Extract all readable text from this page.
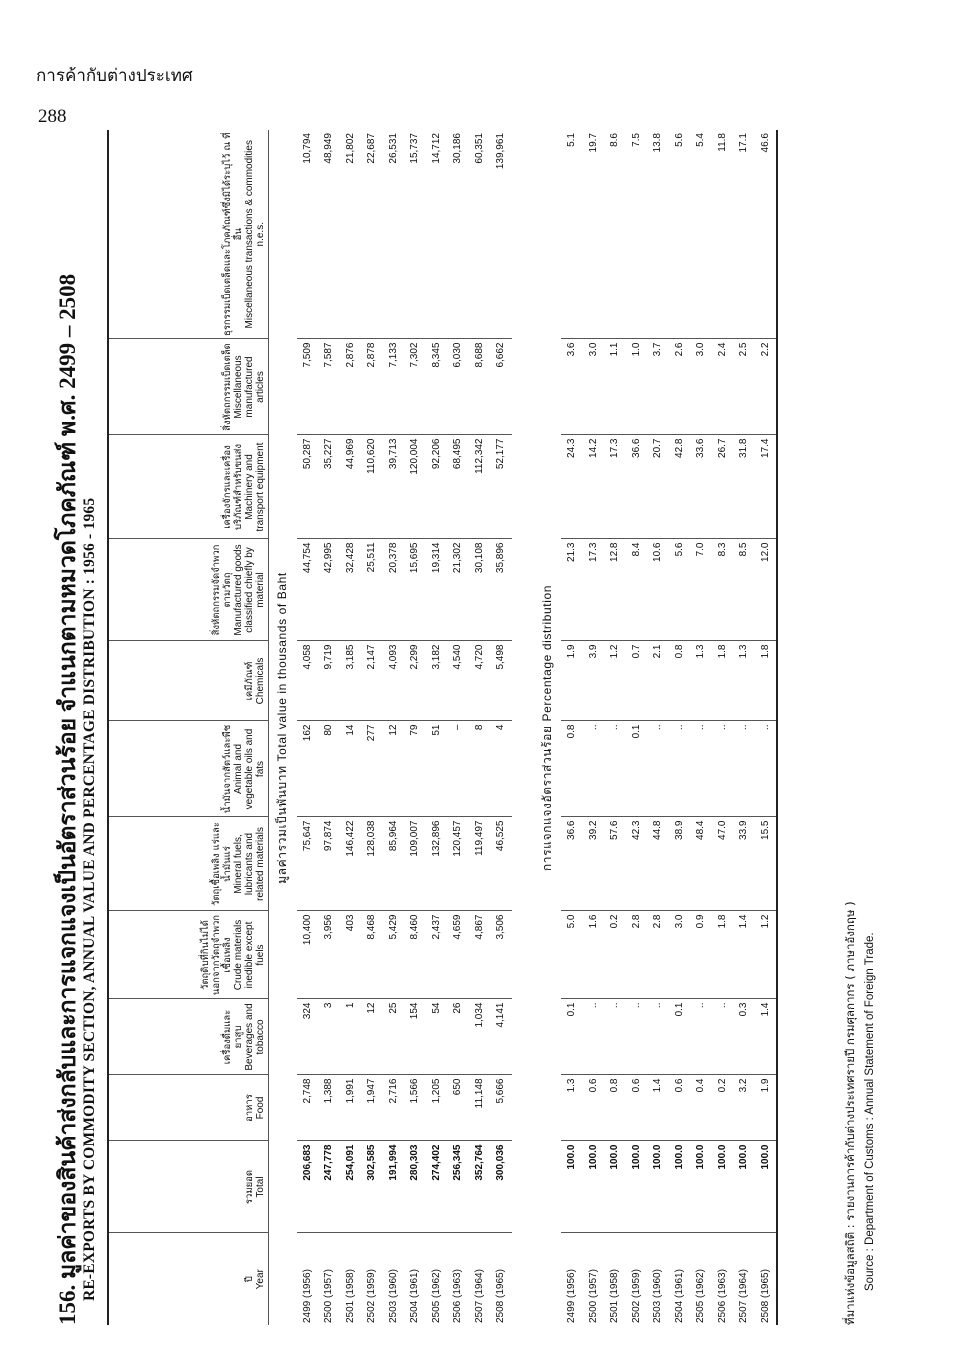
การค้ากับต่างประเทศ
288
156. มูลค่าของสินค้าส่งกลับและการแจกแจงเป็นอัตราส่วนร้อย จำแนกตามหมวดโภคภัณฑ์ พ.ศ. 2499 – 2508 RE-EXPORTS BY COMMODITY SECTION, ANNUAL VALUE AND PERCENTAGE DISTRIBUTION : 1956 - 1965	ปี Year	รวมยอด Total	อาหาร Food	เครื่องดื่มและยาสูบ Beverages and tobacco	วัตถุดิบที่กินไม่ได้ นอกจากวัตถุจำพวกเชื้อเพลิง Crude materials inedible except fuels	วัตถุเชื้อเพลิง แร่และน้ำมันแร่ Mineral fuels, lubricants and related materials	น้ำมันจากสัตว์และพืช Animal and vegetable oils and fats	เคมีภัณฑ์ Chemicals	สิ่งหัตถกรรมจัดจำพวกตามวัตถุ Manufactured goods classified chiefly by material	เครื่องจักรและเครื่องบริภัณฑ์สำหรับขนส่ง Machinery and transport equipment	สิ่งหัตถกรรมเบ็ดเตล็ด Miscellaneous manufactured articles	ธุรกรรมเบ็ดเตล็ดและโภคภัณฑ์ซึ่งมิได้ระบุไว้ ณ ที่อื่น Miscellaneous transactions & commodities n.e.s.
มูลค่ารวมเป็นพันบาท Total value in thousands of Baht											
2499 (1956)	206,683	2,748	324	10,400	75,647	162	4,058	44,754	50,287	7,509	10,794
2500 (1957)	247,778	1,388	3	3,956	97,874	80	9,719	42,995	35,227	7,587	48,949
2501 (1958)	254,091	1,991	1	403	146,422	14	3,185	32,428	44,969	2,876	21,802
2502 (1959)	302,585	1,947	12	8,468	128,038	277	2,147	25,511	110,620	2,878	22,687
2503 (1960)	191,994	2,716	25	5,429	85,964	12	4,093	20,378	39,713	7,133	26,531
2504 (1961)	280,303	1,566	154	8,460	109,007	79	2,299	15,695	120,004	7,302	15,737
2505 (1962)	274,402	1,205	54	2,437	132,896	51	3,182	19,314	92,206	8,345	14,712
2506 (1963)	256,345	650	26	4,659	120,457	–	4,540	21,302	68,495	6,030	30,186
2507 (1964)	352,764	11,148	1,034	4,867	119,497	8	4,720	30,108	112,342	8,688	60,351
2508 (1965)	300,036	5,666	4,141	3,506	46,525	4	5,498	35,896	52,177	6,662	139,961

การแจกแจงอัตราส่วนร้อย Percentage distribution											
2499 (1956)	100.0	1.3	0.1	5.0	36.6	0.8	1.9	21.3	24.3	3.6	5.1
2500 (1957)	100.0	0.6	..	1.6	39.2	..	3.9	17.3	14.2	3.0	19.7
2501 (1958)	100.0	0.8	..	0.2	57.6	..	1.2	12.8	17.3	1.1	8.6
2502 (1959)	100.0	0.6	..	2.8	42.3	0.1	0.7	8.4	36.6	1.0	7.5
2503 (1960)	100.0	1.4	..	2.8	44.8	..	2.1	10.6	20.7	3.7	13.8
2504 (1961)	100.0	0.6	0.1	3.0	38.9	..	0.8	5.6	42.8	2.6	5.6
2505 (1962)	100.0	0.4	..	0.9	48.4	..	1.3	7.0	33.6	3.0	5.4
2506 (1963)	100.0	0.2	..	1.8	47.0	..	1.8	8.3	26.7	2.4	11.8
2507 (1964)	100.0	3.2	0.3	1.4	33.9	..	1.3	8.5	31.8	2.5	17.1
2508 (1965)	100.0	1.9	1.4	1.2	15.5	..	1.8	12.0	17.4	2.2	46.6
ที่มาแห่งข้อมูลสถิติ : รายงานการค้ากับต่างประเทศรายปี กรมศุลกากร ( ภาษาอังกฤษ ) Source : Department of Customs : Annual Statement of Foreign Trade.
